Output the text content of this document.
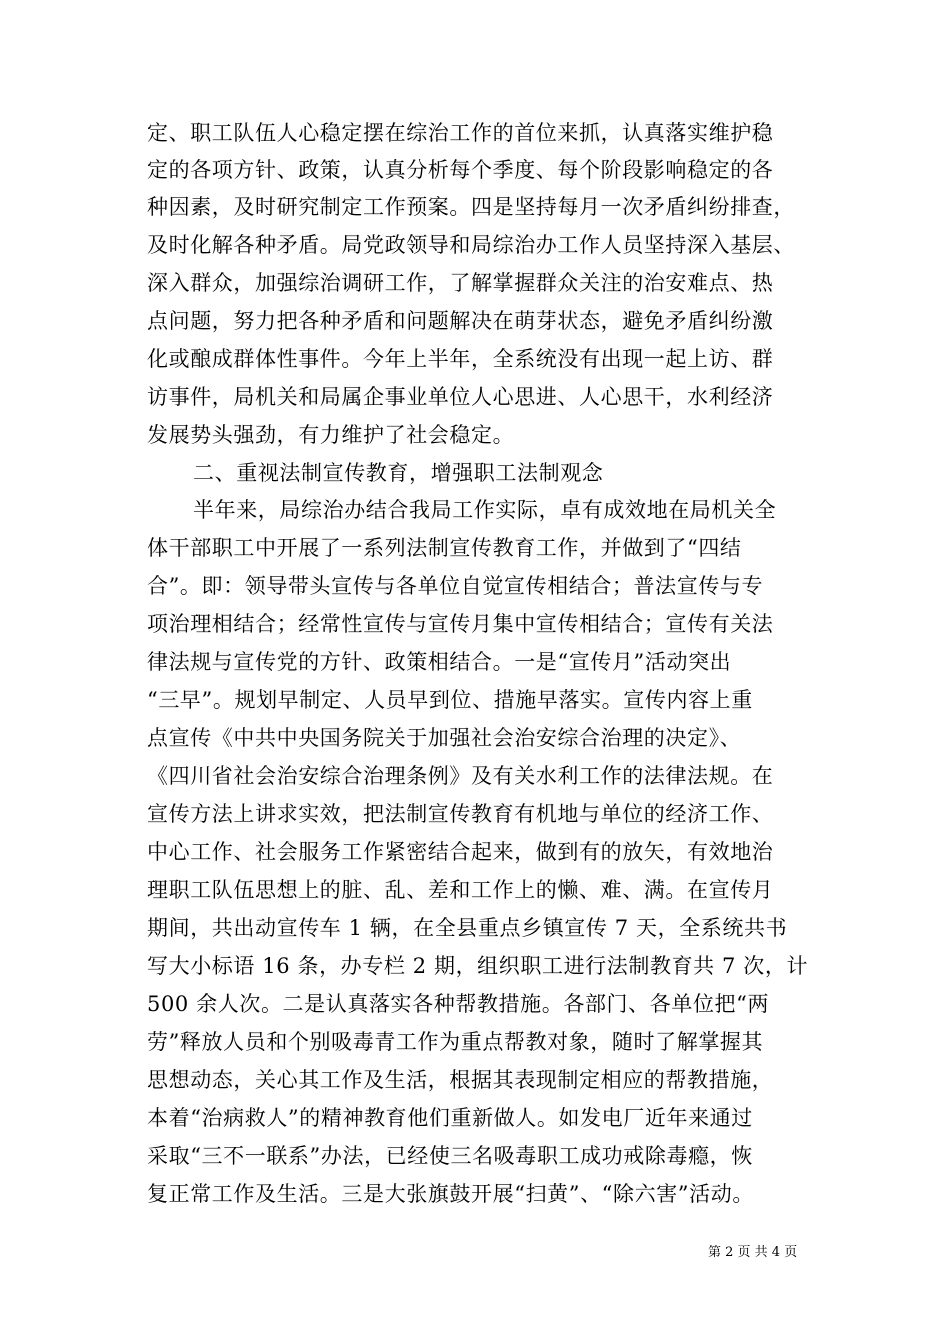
定、职工队伍人心稳定摆在综治工作的首位来抓，认真落实维护稳
定的各项方针、政策，认真分析每个季度、每个阶段影响稳定的各
种因素，及时研究制定工作预案。四是坚持每月一次矛盾纠纷排查，
及时化解各种矛盾。局党政领导和局综治办工作人员坚持深入基层、
深入群众，加强综治调研工作，了解掌握群众关注的治安难点、热
点问题，努力把各种矛盾和问题解决在萌芽状态，避免矛盾纠纷激
化或酿成群体性事件。今年上半年，全系统没有出现一起上访、群
访事件，局机关和局属企事业单位人心思进、人心思干，水利经济
发展势头强劲，有力维护了社会稳定。
二、重视法制宣传教育，增强职工法制观念
半年来，局综治办结合我局工作实际，卓有成效地在局机关全
体干部职工中开展了一系列法制宣传教育工作，并做到了“四结
合”。即：领导带头宣传与各单位自觉宣传相结合；普法宣传与专
项治理相结合；经常性宣传与宣传月集中宣传相结合；宣传有关法
律法规与宣传党的方针、政策相结合。一是“宣传月”活动突出
“三早”。规划早制定、人员早到位、措施早落实。宣传内容上重
点宣传《中共中央国务院关于加强社会治安综合治理的决定》、
《四川省社会治安综合治理条例》及有关水利工作的法律法规。在
宣传方法上讲求实效，把法制宣传教育有机地与单位的经济工作、
中心工作、社会服务工作紧密结合起来，做到有的放矢，有效地治
理职工队伍思想上的脏、乱、差和工作上的懒、难、满。在宣传月
期间，共出动宣传车 1 辆，在全县重点乡镇宣传 7 天，全系统共书
写大小标语 16 条，办专栏 2 期，组织职工进行法制教育共 7 次，计
500 余人次。二是认真落实各种帮教措施。各部门、各单位把“两
劳”释放人员和个别吸毒青工作为重点帮教对象，随时了解掌握其
思想动态，关心其工作及生活，根据其表现制定相应的帮教措施，
本着“治病救人”的精神教育他们重新做人。如发电厂近年来通过
采取“三不一联系”办法，已经使三名吸毒职工成功戒除毒瘾，恢
复正常工作及生活。三是大张旗鼓开展“扫黄”、“除六害”活动。
第 2 页 共 4 页
